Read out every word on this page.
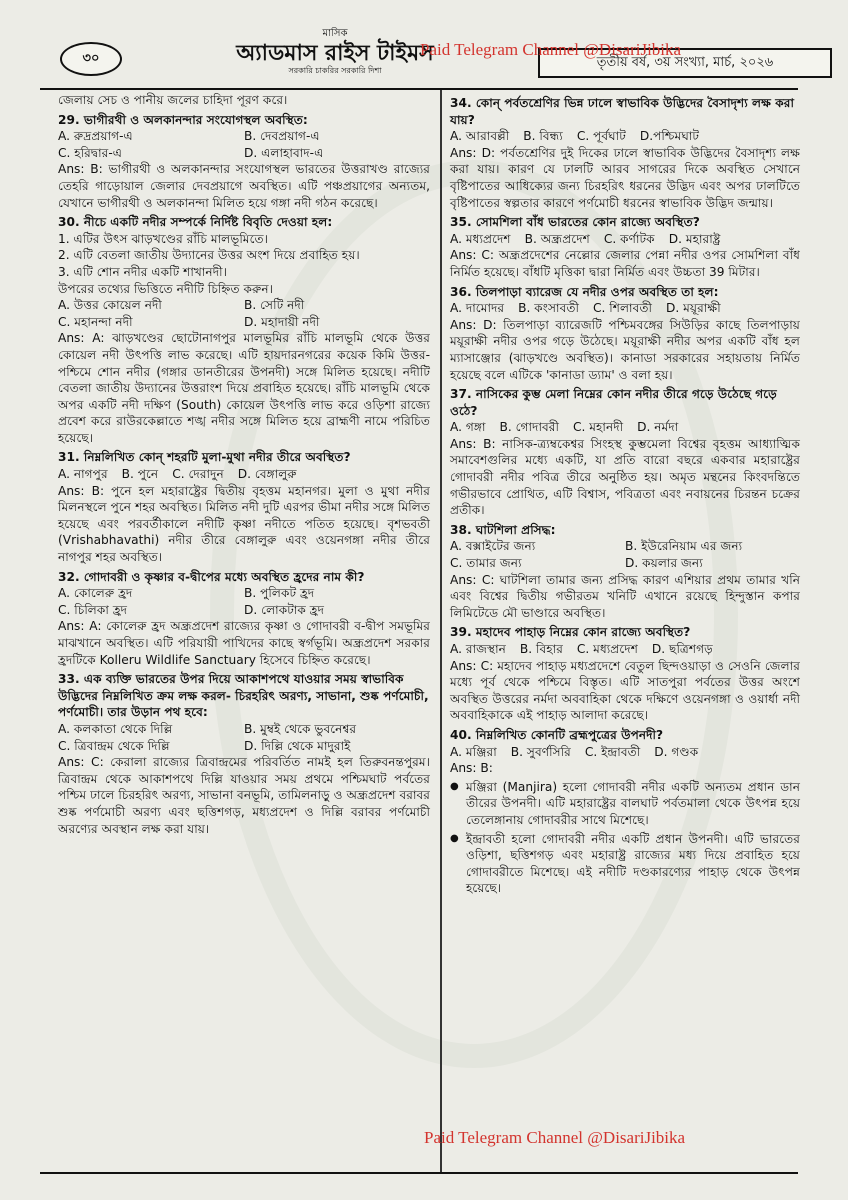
৩০
মাসিক
অ্যাডমাস রাইস টাইমস
সরকারি চাকরির সরকারি দিশা
তৃতীয় বর্ষ, ৩য় সংখ্যা, মার্চ, ২০২৬
Paid Telegram Channel @DisariJibika
জেলায় সেচ ও পানীয় জলের চাহিদা পূরণ করে।
29. ভাগীরথী ও অলকানন্দার সংযোগস্থল অবস্থিত:
A. রুদ্রপ্রয়াগ-এ	B. দেবপ্রয়াগ-এ
C. হরিদ্বার-এ	D. এলাহাবাদ-এ
Ans: B: ভাগীরথী ও অলকানন্দার সংযোগস্থল ভারতের উত্তরাখণ্ড রাজ্যের তেহরি গাড়োয়াল জেলার দেবপ্রয়াগে অবস্থিত। এটি পঞ্চপ্রয়াগের অন্যতম, যেখানে ভাগীরথী ও অলকানন্দা মিলিত হয়ে গঙ্গা নদী গঠন করেছে।
30. নীচে একটি নদীর সম্পর্কে নির্দিষ্ট বিবৃতি দেওয়া হল:
1. এটির উৎস ঝাড়খণ্ডের রাঁচি মালভূমিতে।
2. এটি বেতলা জাতীয় উদ্যানের উত্তর অংশ দিয়ে প্রবাহিত হয়।
3. এটি শোন নদীর একটি শাখানদী।
উপরের তথ্যের ভিত্তিতে নদীটি চিহ্নিত করুন।
A. উত্তর কোয়েল নদী	B. সেটি নদী
C. মহানন্দা নদী	D. মহাদায়ী নদী
Ans: A: ঝাড়খণ্ডের ছোটোনাগপুর মালভূমির রাঁচি মালভূমি থেকে উত্তর কোয়েল নদী উৎপত্তি লাভ করেছে। এটি হায়দারনগরের কয়েক কিমি উত্তর-পশ্চিমে শোন নদীর (গঙ্গার ডানতীরের উপনদী) সঙ্গে মিলিত হয়েছে। নদীটি বেতলা জাতীয় উদ্যানের উত্তরাংশ দিয়ে প্রবাহিত হয়েছে। রাঁচি মালভূমি থেকে অপর একটি নদী দক্ষিণ (South) কোয়েল উৎপত্তি লাভ করে ওড়িশা রাজ্যে প্রবেশ করে রাউরকেল্লাতে শঙ্খ নদীর সঙ্গে মিলিত হয়ে ব্রাহ্মণী নামে পরিচিত হয়েছে।
31. নিম্নলিখিত কোন্ শহরটি মুলা-মুথা নদীর তীরে অবস্থিত?
A. নাগপুর B. পুনে C. দেরাদুন D. বেঙ্গালুরু
Ans: B: পুনে হল মহারাষ্ট্রের দ্বিতীয় বৃহত্তম মহানগর। মুলা ও মুথা নদীর মিলনস্থলে পুনে শহর অবস্থিত। মিলিত নদী দুটি এরপর ভীমা নদীর সঙ্গে মিলিত হয়েছে এবং পরবর্তীকালে নদীটি কৃষ্ণা নদীতে পতিত হয়েছে। বৃশভবতী (Vrishabhavathi) নদীর তীরে বেঙ্গালুরু এবং ওয়েনগঙ্গা নদীর তীরে নাগপুর শহর অবস্থিত।
32. গোদাবরী ও কৃষ্ণার ব-দ্বীপের মধ্যে অবস্থিত হ্রদের নাম কী?
A. কোলেরু হ্রদ	B. পুলিকট হ্রদ
C. চিলিকা হ্রদ	D. লোকটাক হ্রদ
Ans: A: কোলেরু হ্রদ অন্ধ্রপ্রদেশ রাজ্যের কৃষ্ণা ও গোদাবরী ব-দ্বীপ সমভূমির মাঝখানে অবস্থিত। এটি পরিযায়ী পাখিদের কাছে স্বর্গভূমি। অন্ধ্রপ্রদেশ সরকার হ্রদটিকে Kolleru Wildlife Sanctuary হিসেবে চিহ্নিত করেছে।
33. এক ব্যক্তি ভারতের উপর দিয়ে আকাশপথে যাওয়ার সময় স্বাভাবিক উদ্ভিদের নিম্নলিখিত ক্রম লক্ষ করল- চিরহরিৎ অরণ্য, সাভানা, শুষ্ক পর্ণমোচী, পর্ণমোচী। তার উড়ান পথ হবে:
A. কলকাতা থেকে দিল্লি	B. মুম্বই থেকে ভুবনেশ্বর
C. ত্রিবান্দ্রম থেকে দিল্লি	D. দিল্লি থেকে মাদুরাই
Ans: C: কেরালা রাজ্যের ত্রিবান্দ্রমের পরিবর্তিত নামই হল তিরুবনন্তপুরম। ত্রিবান্দ্রম থেকে আকাশপথে দিল্লি যাওয়ার সময় প্রথমে পশ্চিমঘাট পর্বতের পশ্চিম ঢালে চিরহরিৎ অরণ্য, সাভানা বনভূমি, তামিলনাড়ু ও অন্ধ্রপ্রদেশ বরাবর শুষ্ক পর্ণমোচী অরণ্য এবং ছত্তিশগড়, মধ্যপ্রদেশ ও দিল্লি বরাবর পর্ণমোচী অরণ্যের অবস্থান লক্ষ করা যায়।
34. কোন্ পর্বতশ্রেণির ভিন্ন ঢালে স্বাভাবিক উদ্ভিদের বৈসাদৃশ্য লক্ষ করা যায়?
A. আরাবল্লী B. বিন্ধ্য C. পূর্বঘাট D.পশ্চিমঘাট
Ans: D: পর্বতশ্রেণির দুই দিকের ঢালে স্বাভাবিক উদ্ভিদের বৈসাদৃশ্য লক্ষ করা যায়। কারণ যে ঢালটি আরব সাগরের দিকে অবস্থিত সেখানে বৃষ্টিপাতের আধিক্যের জন্য চিরহরিৎ ধরনের উদ্ভিদ এবং অপর ঢালটিতে বৃষ্টিপাতের স্বল্পতার কারণে পর্ণমোচী ধরনের স্বাভাবিক উদ্ভিদ জন্মায়।
35. সোমশিলা বাঁধ ভারতের কোন রাজ্যে অবস্থিত?
A. মধ্যপ্রদেশ B. অন্ধ্রপ্রদেশ C. কর্ণাটক D. মহারাষ্ট্র
Ans: C: অন্ধ্রপ্রদেশের নেল্লোর জেলার পেন্না নদীর ওপর সোমশিলা বাঁধ নির্মিত হয়েছে। বাঁধটি মৃত্তিকা দ্বারা নির্মিত এবং উচ্চতা 39 মিটার।
36. তিলপাড়া ব্যারেজ যে নদীর ওপর অবস্থিত তা হল:
A. দামোদর B. কংসাবতী C. শিলাবতী D. ময়ূরাক্ষী
Ans: D: তিলপাড়া ব্যারেজটি পশ্চিমবঙ্গের সিউড়ির কাছে তিলপাড়ায় ময়ূরাক্ষী নদীর ওপর গড়ে উঠেছে। ময়ূরাক্ষী নদীর অপর একটি বাঁধ হল ম্যাসাঞ্জোর (ঝাড়খণ্ডে অবস্থিত)। কানাডা সরকারের সহায়তায় নির্মিত হয়েছে বলে এটিকে 'কানাডা ড্যাম' ও বলা হয়।
37. নাসিকের কুম্ভ মেলা নিম্নের কোন নদীর তীরে গড়ে উঠেছে গড়ে ওঠে?
A. গঙ্গা B. গোদাবরী C. মহানদী D. নর্মদা
Ans: B: নাসিক-ত্র্যম্বকেশ্বর সিংহস্থ কুম্ভমেলা বিশ্বের বৃহত্তম আধ্যাত্মিক সমাবেশগুলির মধ্যে একটি, যা প্রতি বারো বছরে একবার মহারাষ্ট্রের গোদাবরী নদীর পবিত্র তীরে অনুষ্ঠিত হয়। অমৃত মন্থনের কিংবদন্তিতে গভীরভাবে প্রোথিত, এটি বিশ্বাস, পবিত্রতা এবং নবায়নের চিরন্তন চক্রের প্রতীক।
38. ঘাটশিলা প্রসিদ্ধ:
A. বক্সাইটের জন্য	B. ইউরেনিয়াম এর জন্য
C. তামার জন্য	D. কয়লার জন্য
Ans: C: ঘাটশিলা তামার জন্য প্রসিদ্ধ কারণ এশিয়ার প্রথম তামার খনি এবং বিশ্বের দ্বিতীয় গভীরতম খনিটি এখানে রয়েছে হিন্দুস্তান কপার লিমিটেডে মৌ ভাণ্ডারে অবস্থিত।
39. মহাদেব পাহাড় নিম্নের কোন রাজ্যে অবস্থিত?
A. রাজস্থান B. বিহার C. মধ্যপ্রদেশ D. ছত্রিশগড়
Ans: C: মহাদেব পাহাড় মধ্যপ্রদেশে বেতুল ছিন্দওয়াড়া ও সেওনি জেলার মধ্যে পূর্ব থেকে পশ্চিমে বিস্তৃত। এটি সাতপুরা পর্বতের উত্তর অংশে অবস্থিত উত্তরের নর্মদা অববাহিকা থেকে দক্ষিণে ওয়েনগঙ্গা ও ওয়ার্ধা নদী অববাহিকাকে এই পাহাড় আলাদা করেছে।
40. নিম্নলিখিত কোনটি ব্রহ্মপুত্রের উপনদী?
A. মঞ্জিরা B. সুবর্ণসিরি C. ইন্দ্রাবতী D. গণ্ডক
Ans: B:
● মঞ্জিরা (Manjira) হলো গোদাবরী নদীর একটি অন্যতম প্রধান ডান তীরের উপনদী। এটি মহারাষ্ট্রের বালঘাট পর্বতমালা থেকে উৎপন্ন হয়ে তেলেঙ্গানায় গোদাবরীর সাথে মিশেছে।
● ইন্দ্রাবতী হলো গোদাবরী নদীর একটি প্রধান উপনদী। এটি ভারতের ওড়িশা, ছত্তিশগড় এবং মহারাষ্ট্র রাজ্যের মধ্য দিয়ে প্রবাহিত হয়ে গোদাবরীতে মিশেছে। এই নদীটি দণ্ডকারণ্যের পাহাড় থেকে উৎপন্ন হয়েছে।
Paid Telegram Channel @DisariJibika
